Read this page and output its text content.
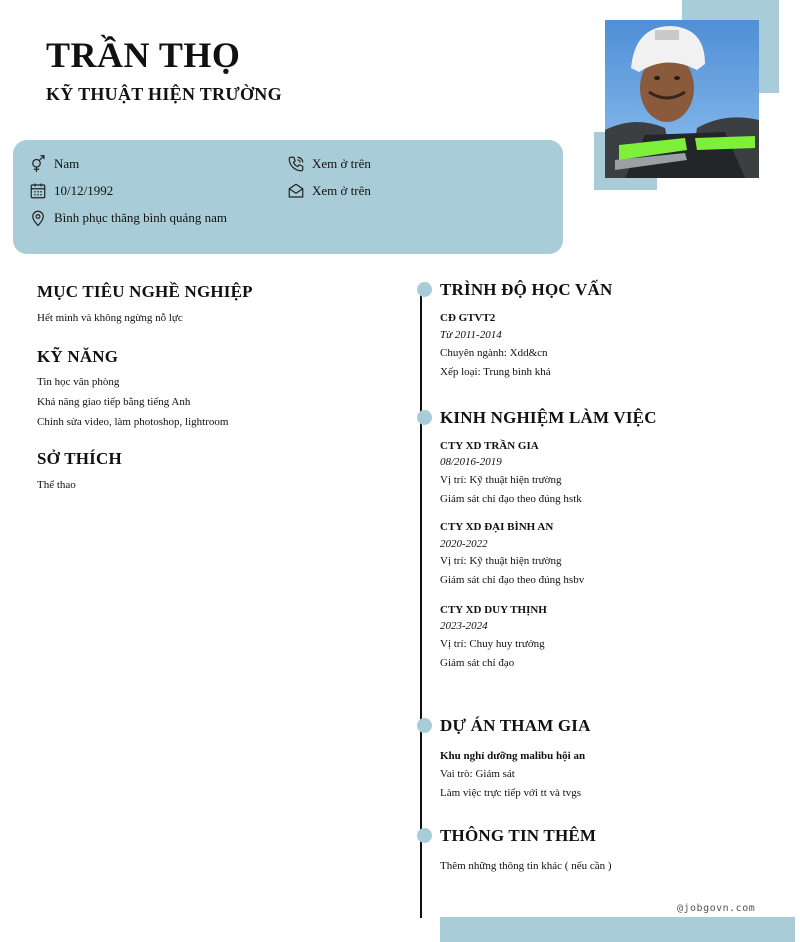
TRẦN THỌ
KỸ THUẬT HIỆN TRƯỜNG
Nam
10/12/1992
Bình phục thăng bình quảng nam
Xem ở trên
Xem ở trên
MỤC TIÊU NGHỀ NGHIỆP
Hết mình và không ngừng nỗ lực
KỸ NĂNG
Tin học văn phòng
Khả năng giao tiếp bằng tiếng Anh
Chỉnh sửa video, làm photoshop, lightroom
SỞ THÍCH
Thể thao
TRÌNH ĐỘ HỌC VẤN
CĐ GTVT2
Từ 2011-2014
Chuyên ngành: Xdd&cn
Xếp loại: Trung bình khá
KINH NGHIỆM LÀM VIỆC
CTY XD TRẦN GIA
08/2016-2019
Vị trí: Kỹ thuật hiện trường
Giám sát chỉ đạo theo đúng hstk
CTY XD ĐẠI BÌNH AN
2020-2022
Vị trí: Kỹ thuật hiện trường
Giám sát chỉ đạo theo đúng hsbv
CTY XD DUY THỊNH
2023-2024
Vị trí: Chuy huy trưởng
Giám sát chỉ đạo
DỰ ÁN THAM GIA
Khu nghỉ dưỡng malibu hội an
Vai trò: Giám sát
Làm việc trực tiếp với tt và tvgs
THÔNG TIN THÊM
Thêm những thông tin khác ( nếu cần )
@jobgovn.com
